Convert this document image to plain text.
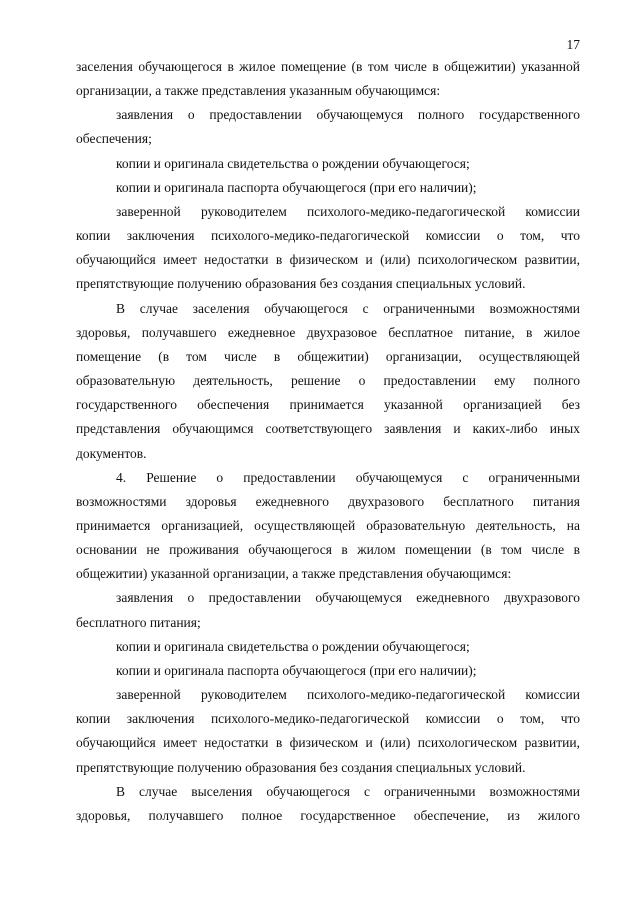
17
заселения обучающегося в жилое помещение (в том числе в общежитии) указанной
организации, а также представления указанным обучающимся:
заявления о предоставлении обучающемуся полного государственного
обеспечения;
копии и оригинала свидетельства о рождении обучающегося;
копии и оригинала паспорта обучающегося (при его наличии);
заверенной руководителем психолого-медико-педагогической комиссии
копии заключения психолого-медико-педагогической комиссии о том, что
обучающийся имеет недостатки в физическом и (или) психологическом развитии,
препятствующие получению образования без создания специальных условий.
В случае заселения обучающегося с ограниченными возможностями
здоровья, получавшего ежедневное двухразовое бесплатное питание, в жилое
помещение (в том числе в общежитии) организации, осуществляющей
образовательную деятельность, решение о предоставлении ему полного
государственного обеспечения принимается указанной организацией без
представления обучающимся соответствующего заявления и каких-либо иных
документов.
4. Решение о предоставлении обучающемуся с ограниченными
возможностями здоровья ежедневного двухразового бесплатного питания
принимается организацией, осуществляющей образовательную деятельность, на
основании не проживания обучающегося в жилом помещении (в том числе в
общежитии) указанной организации, а также представления обучающимся:
заявления о предоставлении обучающемуся ежедневного двухразового
бесплатного питания;
копии и оригинала свидетельства о рождении обучающегося;
копии и оригинала паспорта обучающегося (при его наличии);
заверенной руководителем психолого-медико-педагогической комиссии
копии заключения психолого-медико-педагогической комиссии о том, что
обучающийся имеет недостатки в физическом и (или) психологическом развитии,
препятствующие получению образования без создания специальных условий.
В случае выселения обучающегося с ограниченными возможностями
здоровья, получавшего полное государственное обеспечение, из жилого
